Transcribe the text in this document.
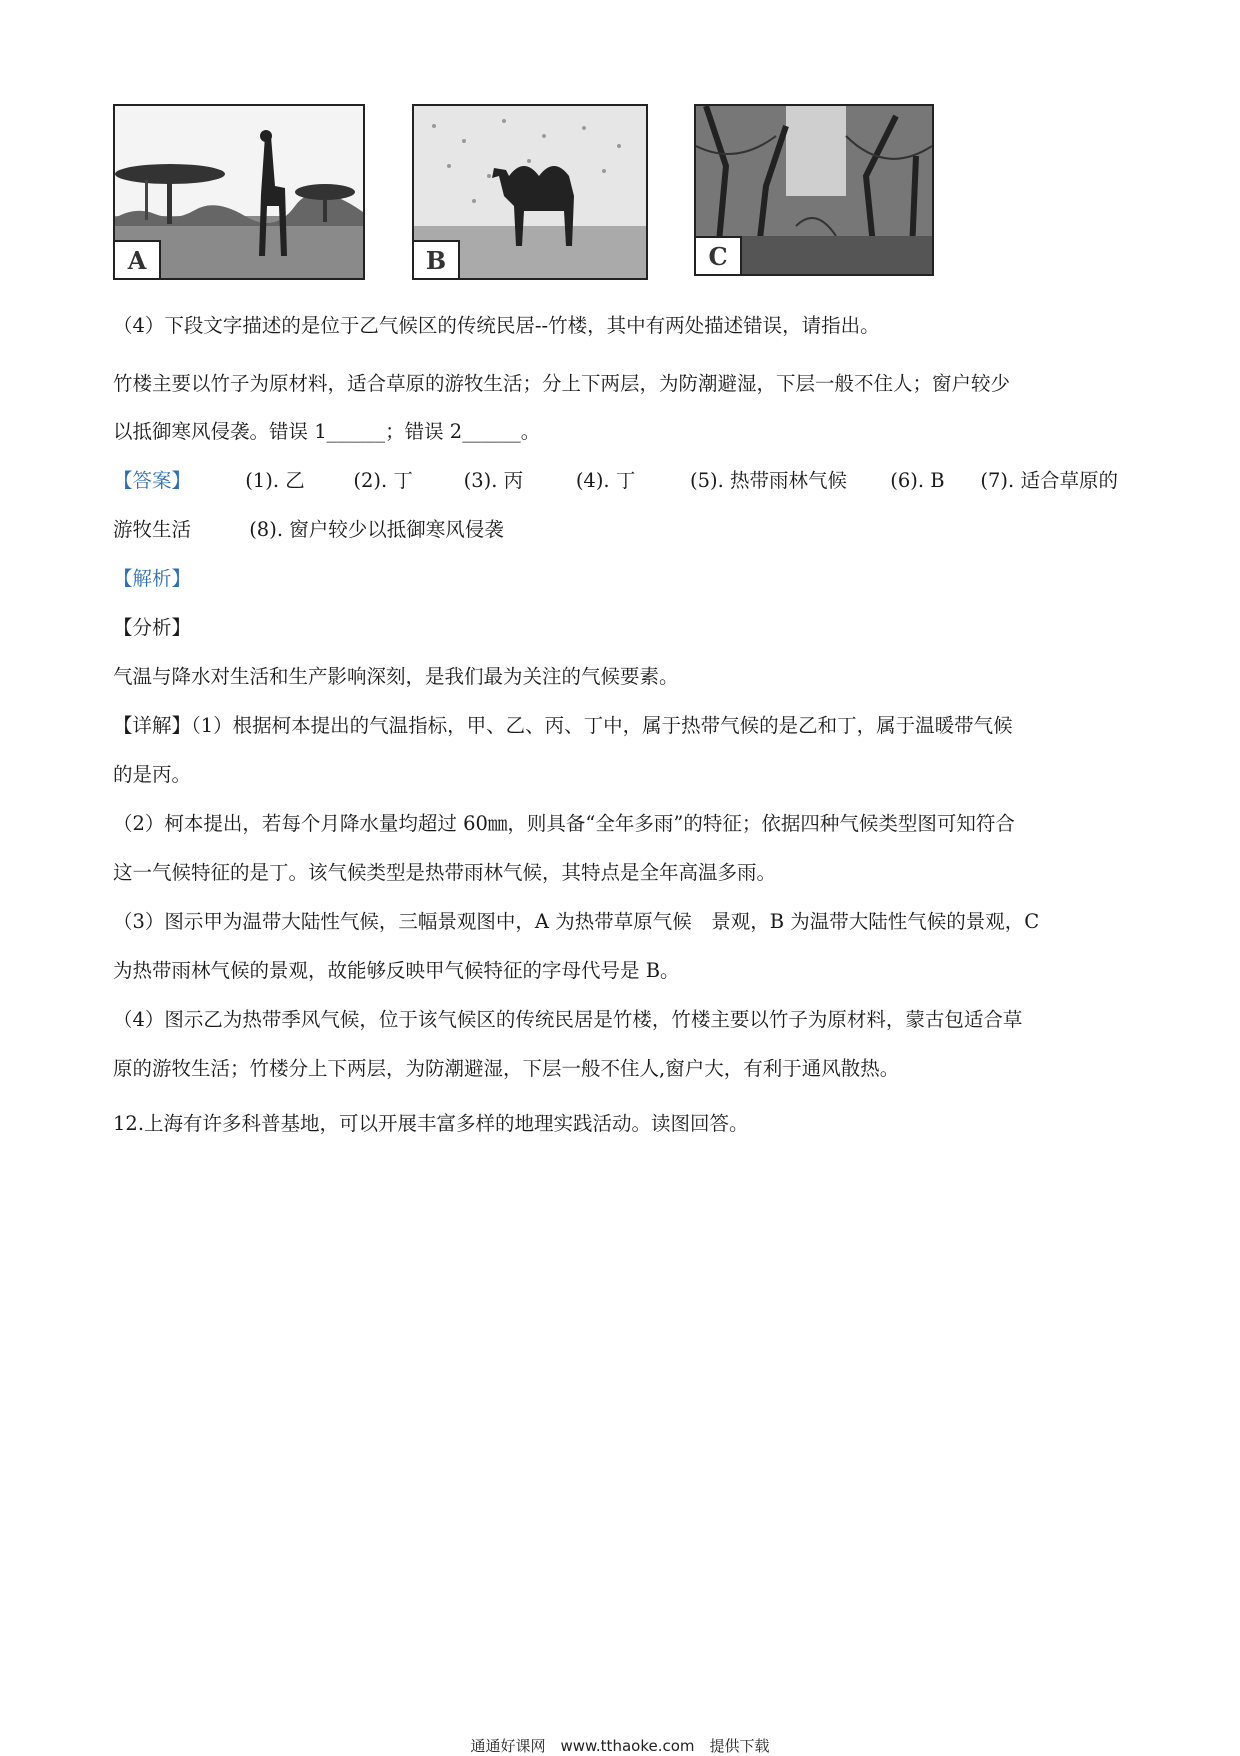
A	B	C
（4）下段文字描述的是位于乙气候区的传统民居--竹楼，其中有两处描述错误，请指出。
竹楼主要以竹子为原材料，适合草原的游牧生活；分上下两层，为防潮避湿，下层一般不住人；窗户较少
以抵御寒风侵袭。错误 1______；错误 2______。
【答案】	(1). 乙 (2). 丁	(3). 丙	(4). 丁	(5). 热带雨林气候 (6). B (7). 适合草原的
游牧生活	(8). 窗户较少以抵御寒风侵袭
【解析】
【分析】
气温与降水对生活和生产影响深刻，是我们最为关注的气候要素。
【详解】（1）根据柯本提出的气温指标，甲、乙、丙、丁中，属于热带气候的是乙和丁，属于温暖带气候
的是丙。
（2）柯本提出，若每个月降水量均超过 60㎜，则具备“全年多雨”的特征；依据四种气候类型图可知符合
这一气候特征的是丁。该气候类型是热带雨林气候，其特点是全年高温多雨。
（3）图示甲为温带大陆性气候，三幅景观图中，A 为热带草原气候　景观，B 为温带大陆性气候的景观，C
为热带雨林气候的景观，故能够反映甲气候特征的字母代号是 B。
（4）图示乙为热带季风气候，位于该气候区的传统民居是竹楼，竹楼主要以竹子为原材料，蒙古包适合草
原的游牧生活；竹楼分上下两层，为防潮避湿，下层一般不住人,窗户大，有利于通风散热。
12.上海有许多科普基地，可以开展丰富多样的地理实践活动。读图回答。
通通好课网　www.tthaoke.com　提供下载
